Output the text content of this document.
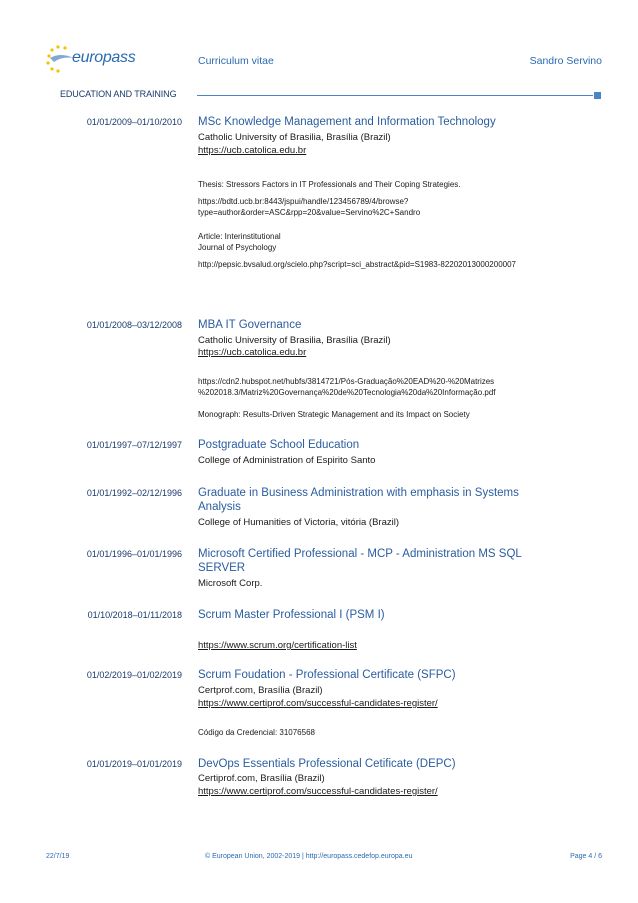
europass	Curriculum vitae	Sandro Servino
EDUCATION AND TRAINING
01/01/2009–01/10/2010 MSc Knowledge Management and Information Technology
Catholic University of Brasilia, Brasília (Brazil)
https://ucb.catolica.edu.br
Thesis: Stressors Factors in IT Professionals and Their Coping Strategies.
https://bdtd.ucb.br:8443/jspui/handle/123456789/4/browse?
type=author&order=ASC&rpp=20&value=Servino%2C+Sandro
Article: Interinstitutional
Journal of Psychology
http://pepsic.bvsalud.org/scielo.php?script=sci_abstract&pid=S1983-82202013000200007
01/01/2008–03/12/2008 MBA IT Governance
Catholic University of Brasilia, Brasília (Brazil)
https://ucb.catolica.edu.br
https://cdn2.hubspot.net/hubfs/3814721/Pós-Graduação%20EAD%20-%20Matrizes
%202018.3/Matriz%20Governança%20de%20Tecnologia%20da%20Informação.pdf
Monograph: Results-Driven Strategic Management and its Impact on Society
01/01/1997–07/12/1997 Postgraduate School Education
College of Administration of Espirito Santo
01/01/1992–02/12/1996 Graduate in Business Administration with emphasis in Systems
Analysis
College of Humanities of Victoria, vitória (Brazil)
01/01/1996–01/01/1996 Microsoft Certified Professional - MCP - Administration MS SQL
SERVER
Microsoft Corp.
01/10/2018–01/11/2018 Scrum Master Professional I (PSM I)
https://www.scrum.org/certification-list
01/02/2019–01/02/2019 Scrum Foudation - Professional Certificate (SFPC)
Certprof.com, Brasília (Brazil)
https://www.certiprof.com/successful-candidates-register/
Código da Credencial: 31076568
01/01/2019–01/01/2019 DevOps Essentials Professional Cetificate (DEPC)
Certiprof.com, Brasília (Brazil)
https://www.certiprof.com/successful-candidates-register/
22/7/19	© European Union, 2002-2019 | http://europass.cedefop.europa.eu	Page 4 / 6
